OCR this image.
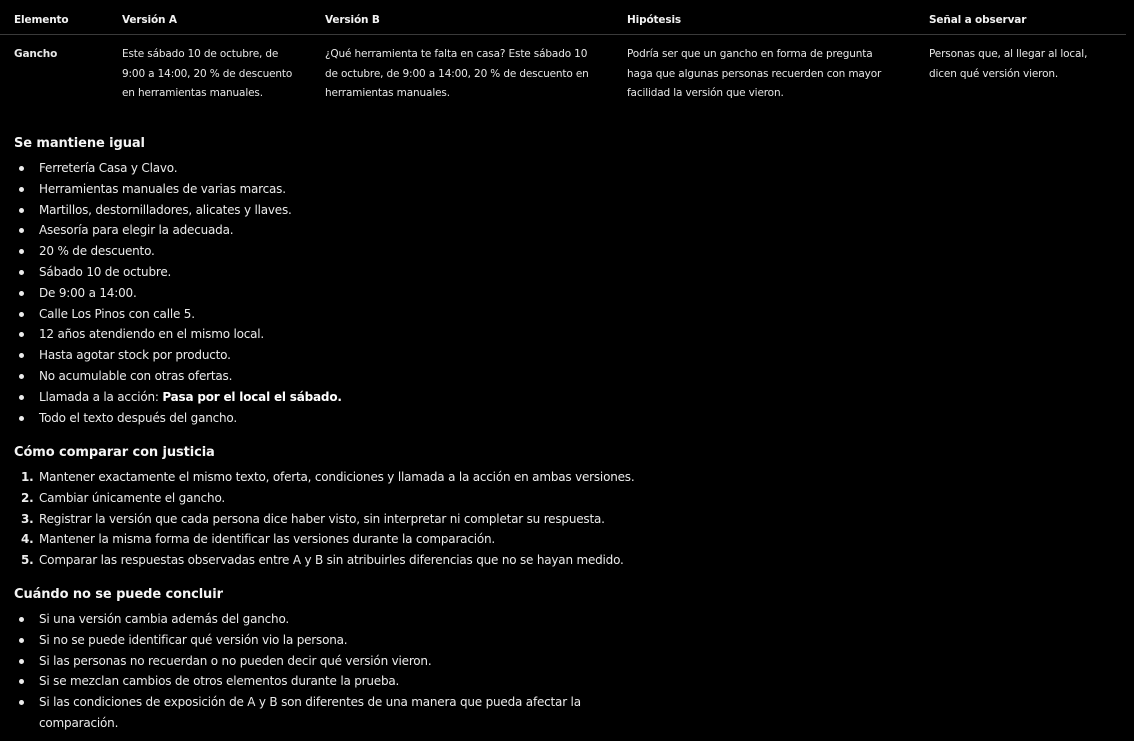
Elemento	Versión A	Versión B	Hipótesis	Señal a observar
Gancho	Este sábado 10 de octubre, de 9:00 a 14:00, 20 % de descuento en herramientas manuales.	¿Qué herramienta te falta en casa? Este sábado 10 de octubre, de 9:00 a 14:00, 20 % de descuento en herramientas manuales.	Podría ser que un gancho en forma de pregunta haga que algunas personas recuerden con mayor facilidad la versión que vieron.	Personas que, al llegar al local, dicen qué versión vieron.
Se mantiene igual
Ferretería Casa y Clavo.
Herramientas manuales de varias marcas.
Martillos, destornilladores, alicates y llaves.
Asesoría para elegir la adecuada.
20 % de descuento.
Sábado 10 de octubre.
De 9:00 a 14:00.
Calle Los Pinos con calle 5.
12 años atendiendo en el mismo local.
Hasta agotar stock por producto.
No acumulable con otras ofertas.
Llamada a la acción: Pasa por el local el sábado.
Todo el texto después del gancho.
Cómo comparar con justicia
1. Mantener exactamente el mismo texto, oferta, condiciones y llamada a la acción en ambas versiones.
2. Cambiar únicamente el gancho.
3. Registrar la versión que cada persona dice haber visto, sin interpretar ni completar su respuesta.
4. Mantener la misma forma de identificar las versiones durante la comparación.
5. Comparar las respuestas observadas entre A y B sin atribuirles diferencias que no se hayan medido.
Cuándo no se puede concluir
Si una versión cambia además del gancho.
Si no se puede identificar qué versión vio la persona.
Si las personas no recuerdan o no pueden decir qué versión vieron.
Si se mezclan cambios de otros elementos durante la prueba.
Si las condiciones de exposición de A y B son diferentes de una manera que pueda afectar la comparación.
